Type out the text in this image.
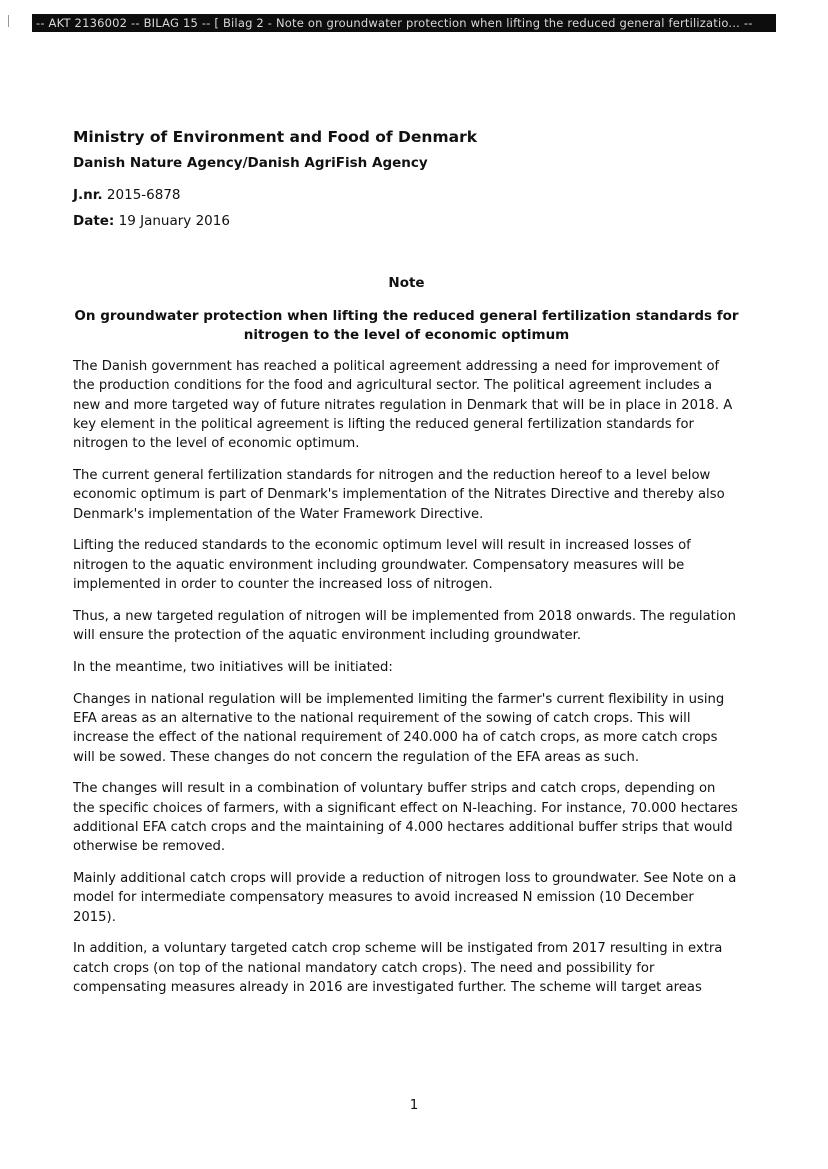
-- AKT 2136002 -- BILAG 15 -- [ Bilag 2 - Note on groundwater protection when lifting the reduced general fertilizatio... --
Ministry of Environment and Food of Denmark
Danish Nature Agency/Danish AgriFish Agency
J.nr. 2015-6878
Date: 19 January 2016
Note
On groundwater protection when lifting the reduced general fertilization standards for nitrogen to the level of economic optimum

The Danish government has reached a political agreement addressing a need for improvement of the production conditions for the food and agricultural sector. The political agreement includes a new and more targeted way of future nitrates regulation in Denmark that will be in place in 2018. A key element in the political agreement is lifting the reduced general fertilization standards for nitrogen to the level of economic optimum.

The current general fertilization standards for nitrogen and the reduction hereof to a level below economic optimum is part of Denmark's implementation of the Nitrates Directive and thereby also Denmark's implementation of the Water Framework Directive.

Lifting the reduced standards to the economic optimum level will result in increased losses of nitrogen to the aquatic environment including groundwater. Compensatory measures will be implemented in order to counter the increased loss of nitrogen.

Thus, a new targeted regulation of nitrogen will be implemented from 2018 onwards. The regulation will ensure the protection of the aquatic environment including groundwater.

In the meantime, two initiatives will be initiated:

Changes in national regulation will be implemented limiting the farmer's current flexibility in using EFA areas as an alternative to the national requirement of the sowing of catch crops. This will increase the effect of the national requirement of 240.000 ha of catch crops, as more catch crops will be sowed. These changes do not concern the regulation of the EFA areas as such.

The changes will result in a combination of voluntary buffer strips and catch crops, depending on the specific choices of farmers, with a significant effect on N-leaching. For instance, 70.000 hectares additional EFA catch crops and the maintaining of 4.000 hectares additional buffer strips that would otherwise be removed.

Mainly additional catch crops will provide a reduction of nitrogen loss to groundwater. See Note on a model for intermediate compensatory measures to avoid increased N emission (10 December 2015).

In addition, a voluntary targeted catch crop scheme will be instigated from 2017 resulting in extra catch crops (on top of the national mandatory catch crops). The need and possibility for compensating measures already in 2016 are investigated further. The scheme will target areas

1
